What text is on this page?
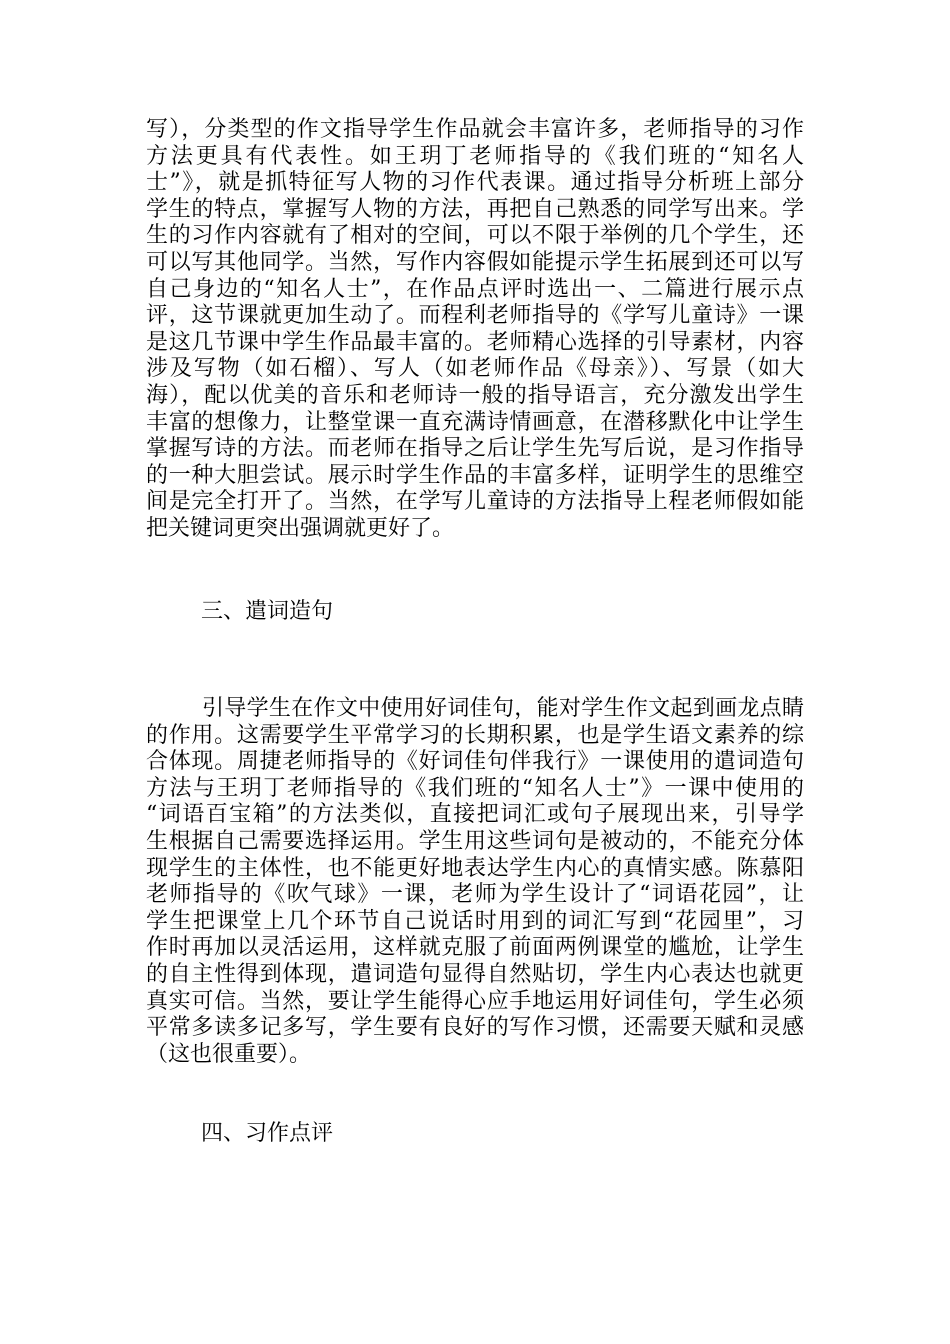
写），分类型的作文指导学生作品就会丰富许多，老师指导的习作
方法更具有代表性。如王玥丁老师指导的《我们班的“知名人
士”》，就是抓特征写人物的习作代表课。通过指导分析班上部分
学生的特点，掌握写人物的方法，再把自己熟悉的同学写出来。学
生的习作内容就有了相对的空间，可以不限于举例的几个学生，还
可以写其他同学。当然，写作内容假如能提示学生拓展到还可以写
自己身边的“知名人士”，在作品点评时选出一、二篇进行展示点
评，这节课就更加生动了。而程利老师指导的《学写儿童诗》一课
是这几节课中学生作品最丰富的。老师精心选择的引导素材，内容
涉及写物（如石榴）、写人（如老师作品《母亲》）、写景（如大
海），配以优美的音乐和老师诗一般的指导语言，充分激发出学生
丰富的想像力，让整堂课一直充满诗情画意，在潜移默化中让学生
掌握写诗的方法。而老师在指导之后让学生先写后说，是习作指导
的一种大胆尝试。展示时学生作品的丰富多样，证明学生的思维空
间是完全打开了。当然，在学写儿童诗的方法指导上程老师假如能
把关键词更突出强调就更好了。
三、遣词造句
引导学生在作文中使用好词佳句，能对学生作文起到画龙点睛
的作用。这需要学生平常学习的长期积累，也是学生语文素养的综
合体现。周捷老师指导的《好词佳句伴我行》一课使用的遣词造句
方法与王玥丁老师指导的《我们班的“知名人士”》一课中使用的
“词语百宝箱”的方法类似，直接把词汇或句子展现出来，引导学
生根据自己需要选择运用。学生用这些词句是被动的，不能充分体
现学生的主体性，也不能更好地表达学生内心的真情实感。陈慕阳
老师指导的《吹气球》一课，老师为学生设计了“词语花园”，让
学生把课堂上几个环节自己说话时用到的词汇写到“花园里”，习
作时再加以灵活运用，这样就克服了前面两例课堂的尴尬，让学生
的自主性得到体现，遣词造句显得自然贴切，学生内心表达也就更
真实可信。当然，要让学生能得心应手地运用好词佳句，学生必须
平常多读多记多写，学生要有良好的写作习惯，还需要天赋和灵感
（这也很重要）。
四、习作点评
